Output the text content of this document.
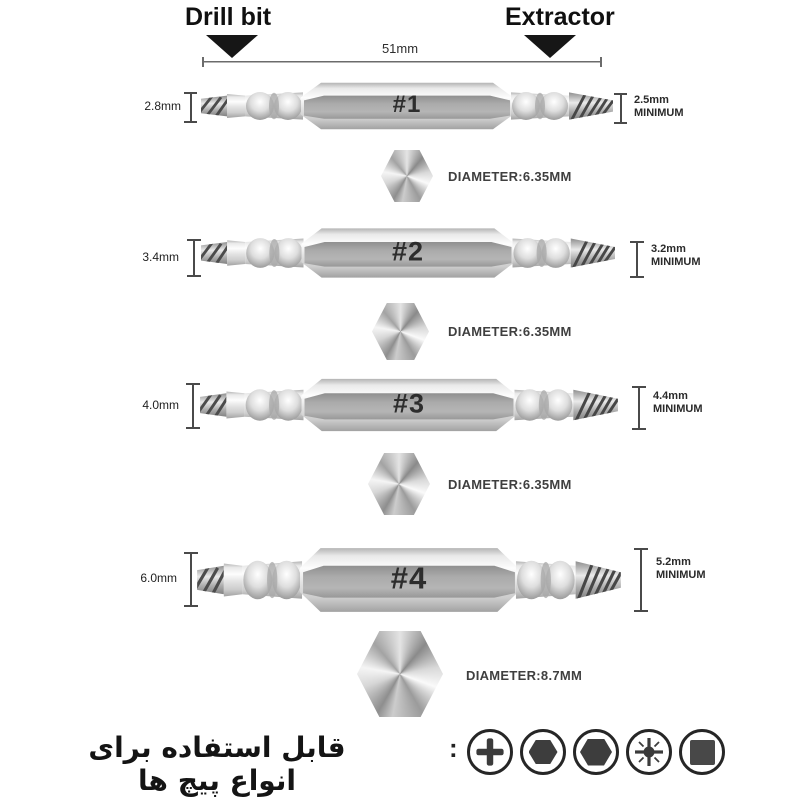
Drill bit	Extractor
51mm
#1
2.8mm	2.5mm
MINIMUM
DIAMETER:6.35MM
#2
3.4mm
3.2mm
MINIMUM
DIAMETER:6.35MM
#3
4.0mm
4.4mm
MINIMUM
DIAMETER:6.35MM
#4
6.0mm
5.2mm
MINIMUM
DIAMETER:8.7MM
قابل استفاده برای انواع پیچ ها
:
